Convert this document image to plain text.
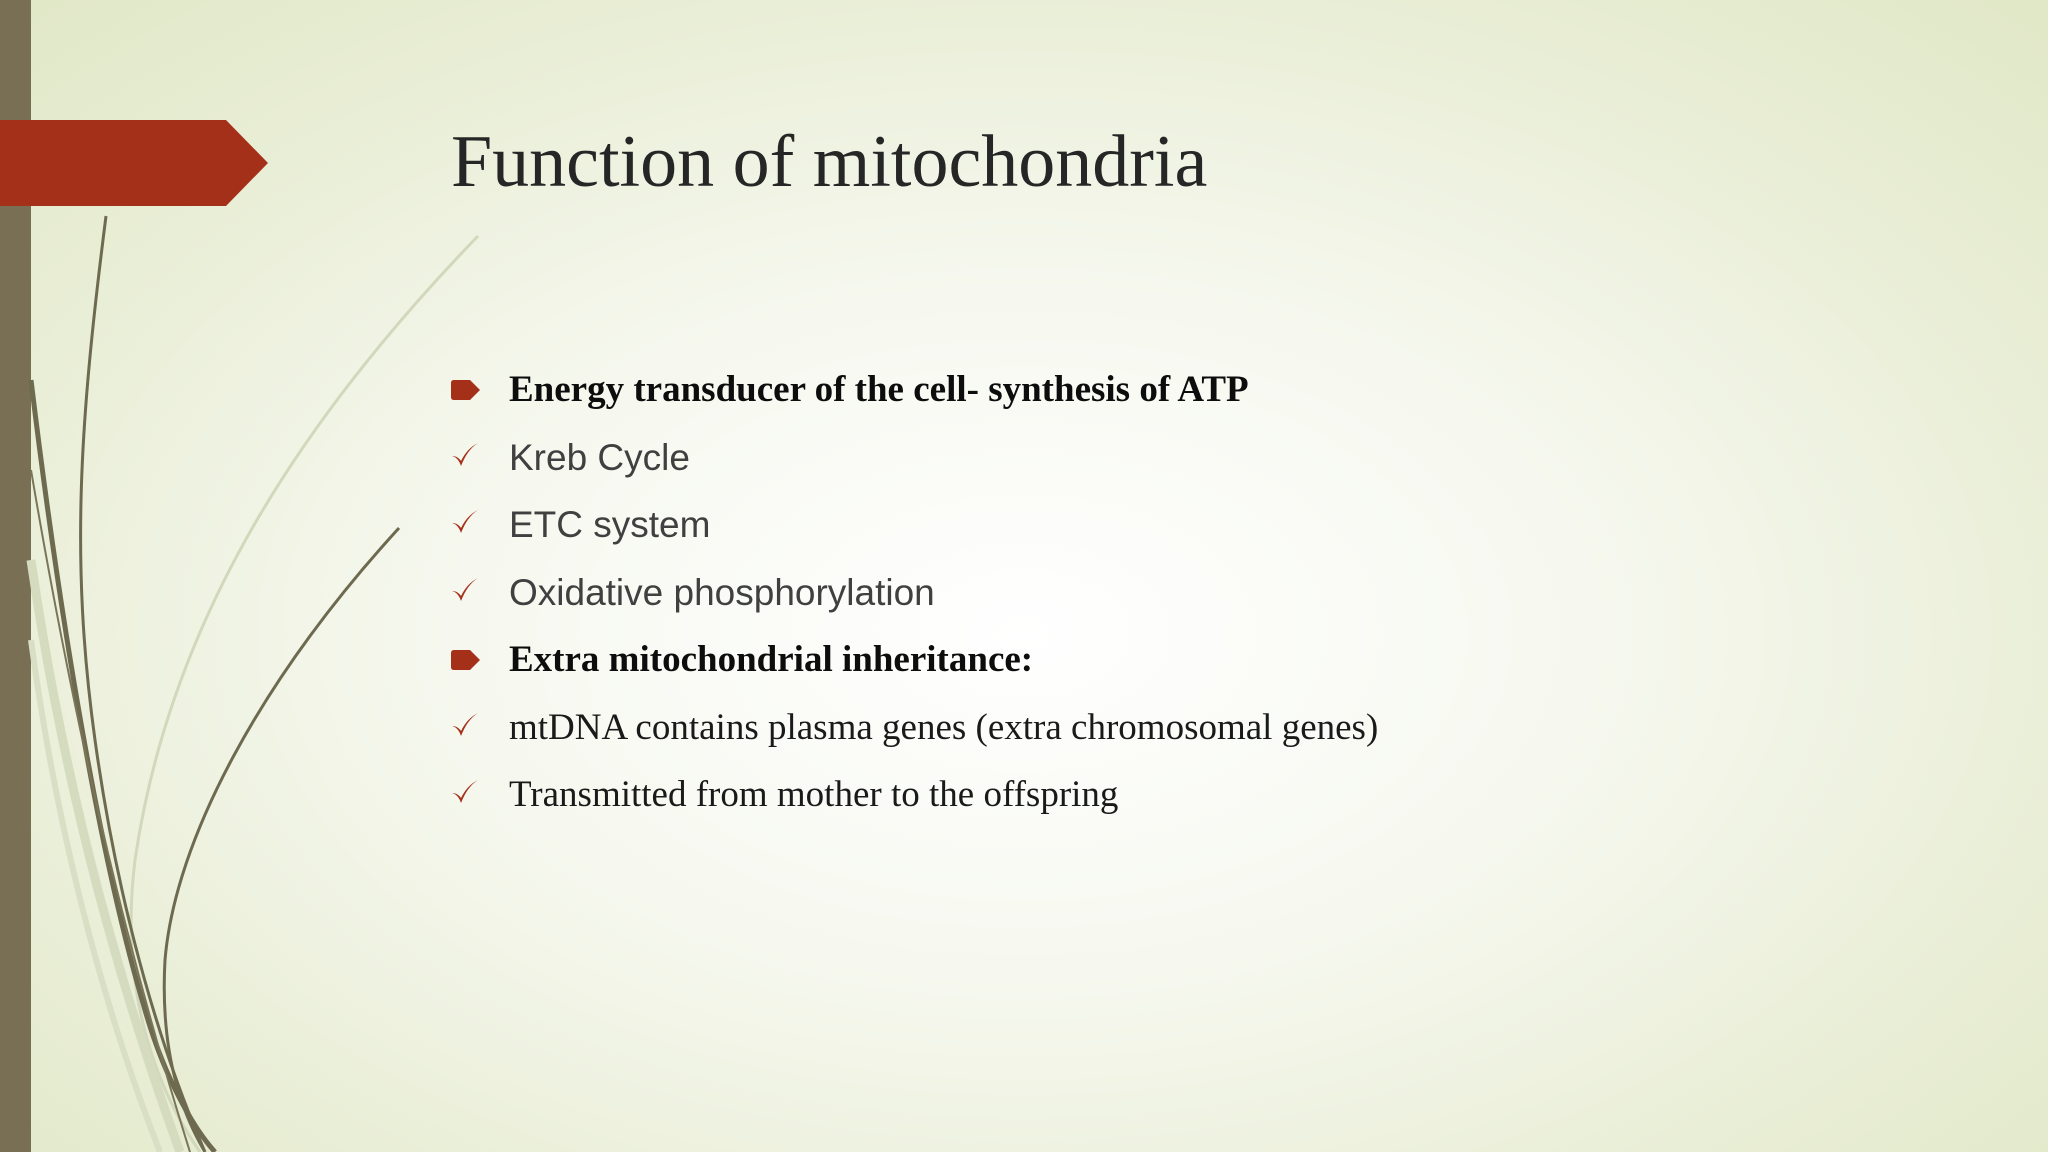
Function of mitochondria
Energy transducer of the cell- synthesis of ATP
Kreb Cycle
ETC system
Oxidative phosphorylation
Extra mitochondrial inheritance:
mtDNA contains plasma genes (extra chromosomal genes)
Transmitted from mother to the offspring
